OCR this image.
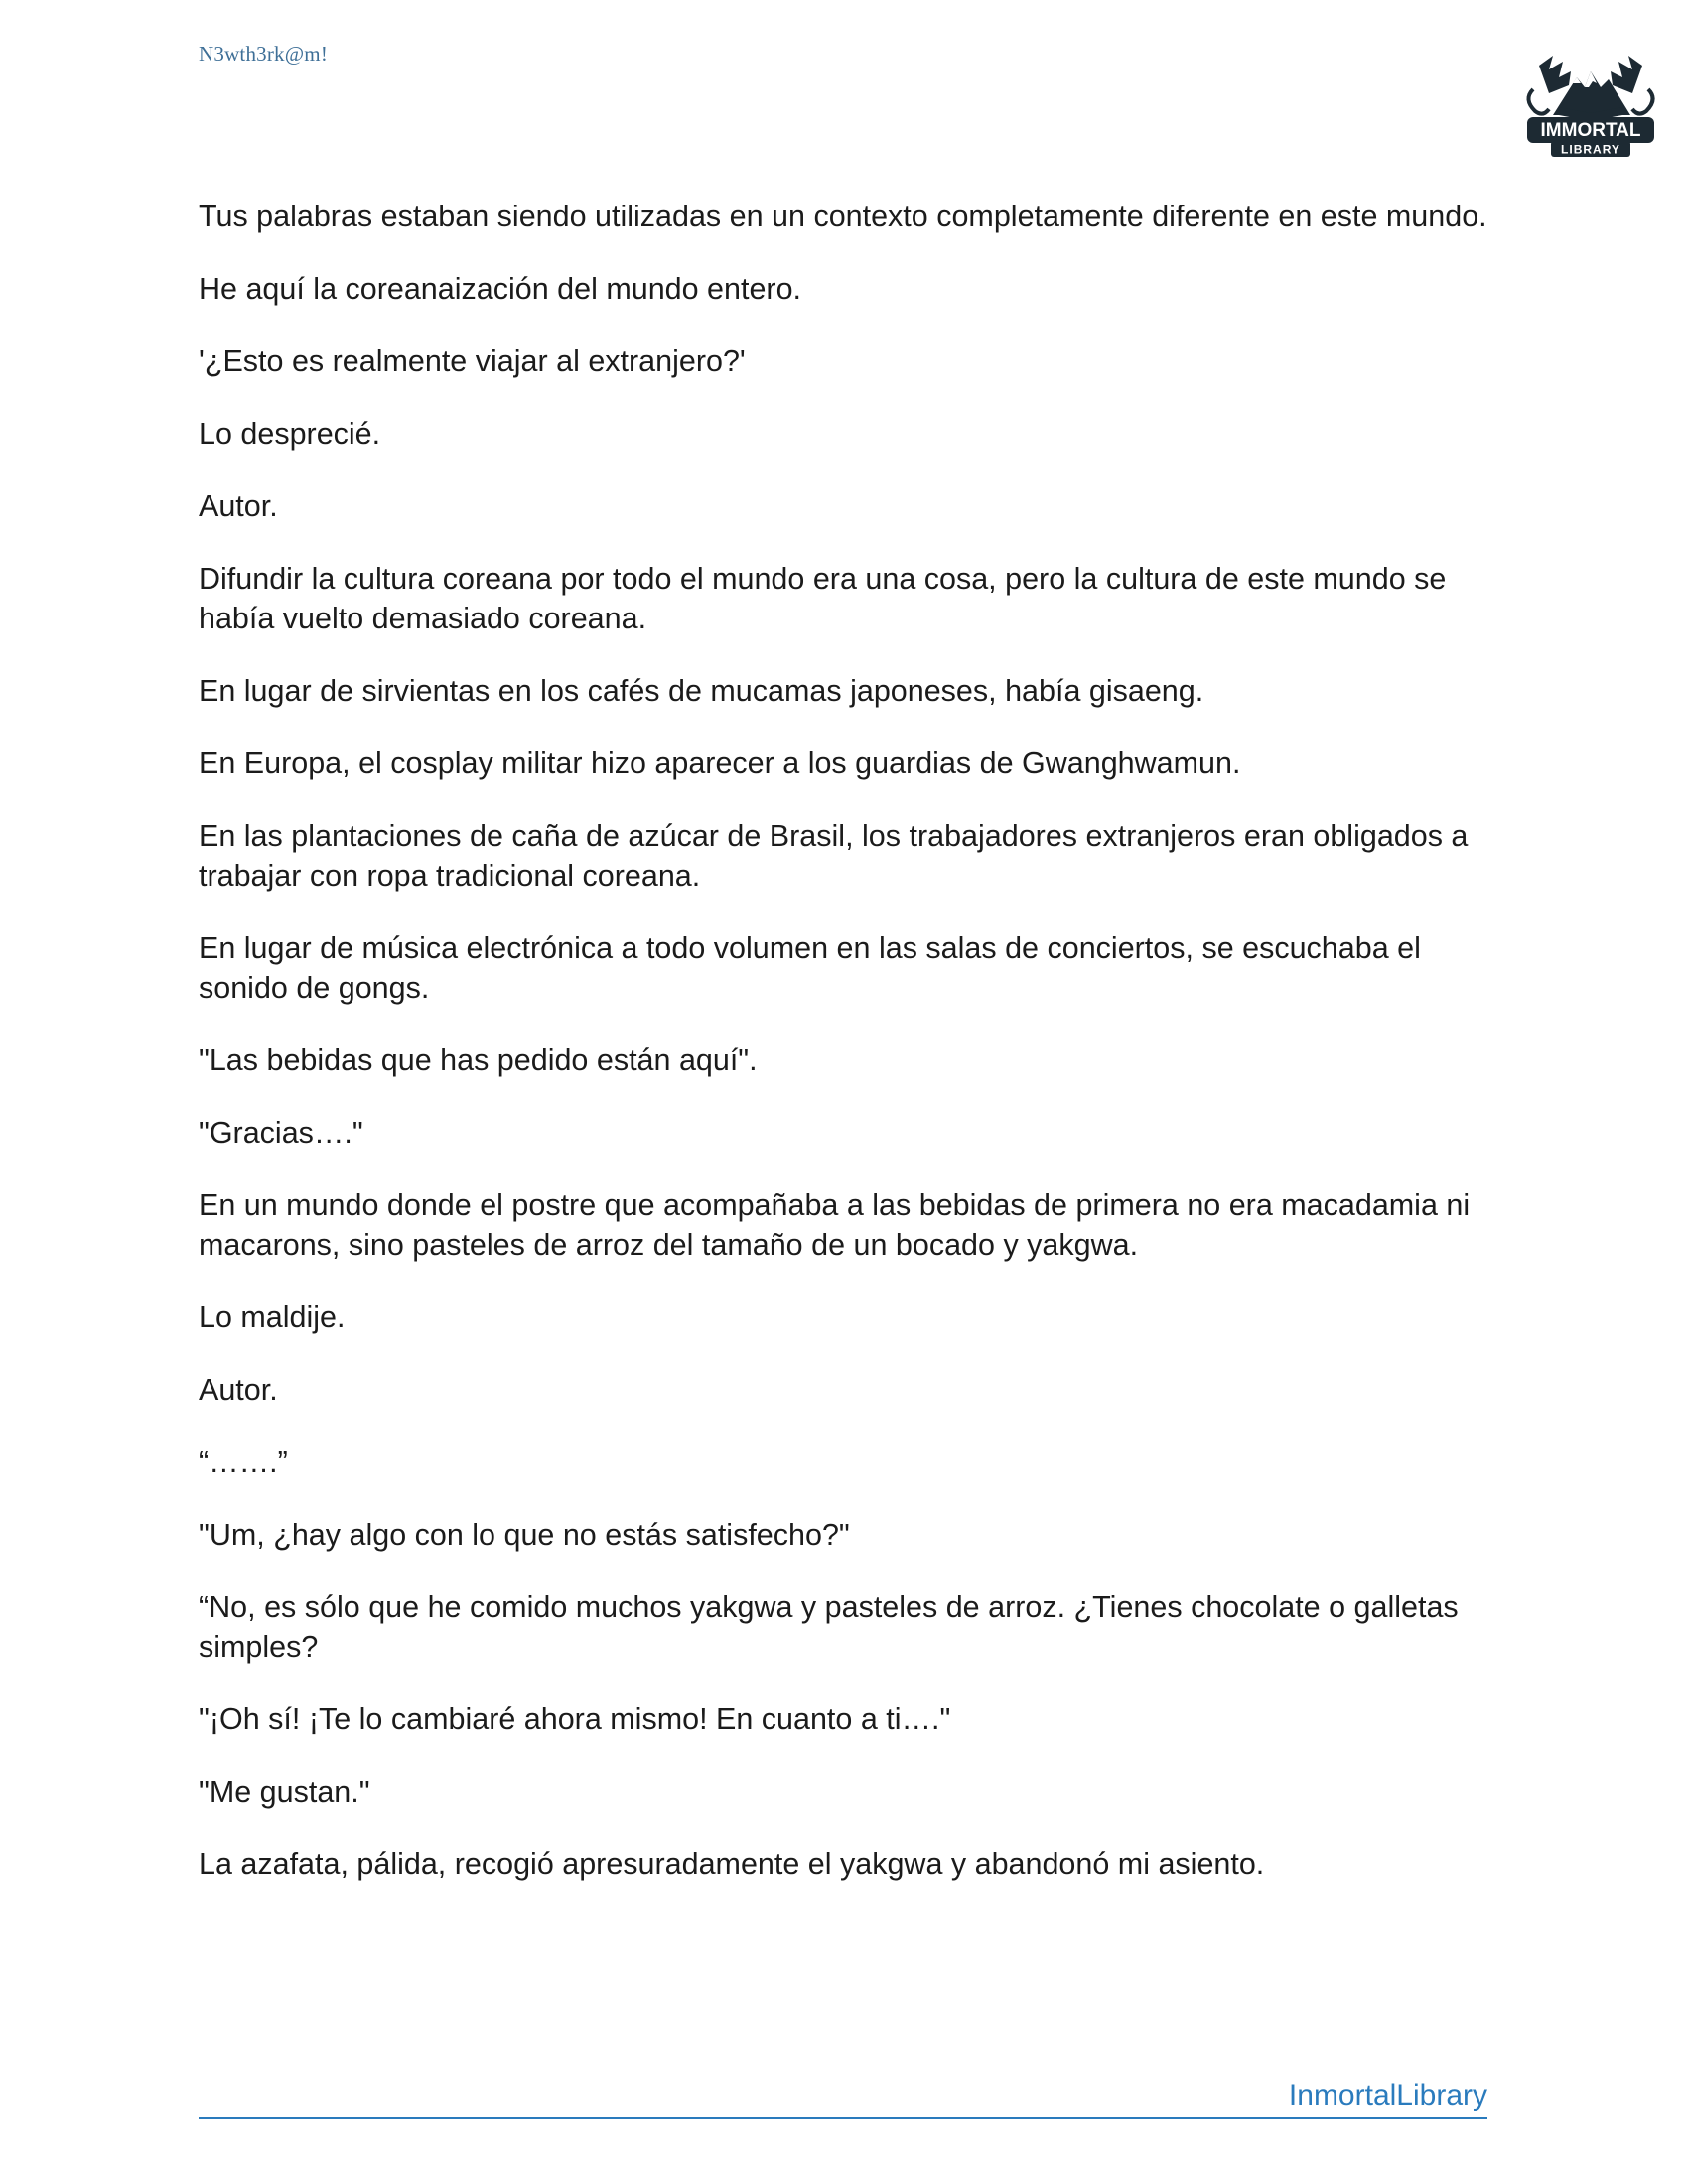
N3wth3rk@m!
IMMORTAL
LIBRARY

Tus palabras estaban siendo utilizadas en un contexto completamente diferente en este mundo.

He aquí la coreanaización del mundo entero.

'¿Esto es realmente viajar al extranjero?'

Lo desprecié.

Autor.

Difundir la cultura coreana por todo el mundo era una cosa, pero la cultura de este mundo se había vuelto demasiado coreana.

En lugar de sirvientas en los cafés de mucamas japoneses, había gisaeng.

En Europa, el cosplay militar hizo aparecer a los guardias de Gwanghwamun.

En las plantaciones de caña de azúcar de Brasil, los trabajadores extranjeros eran obligados a trabajar con ropa tradicional coreana.

En lugar de música electrónica a todo volumen en las salas de conciertos, se escuchaba el sonido de gongs.

"Las bebidas que has pedido están aquí".

"Gracias…."

En un mundo donde el postre que acompañaba a las bebidas de primera no era macadamia ni macarons, sino pasteles de arroz del tamaño de un bocado y yakgwa.

Lo maldije.

Autor.

“…….”

"Um, ¿hay algo con lo que no estás satisfecho?"

“No, es sólo que he comido muchos yakgwa y pasteles de arroz. ¿Tienes chocolate o galletas simples?

"¡Oh sí! ¡Te lo cambiaré ahora mismo! En cuanto a ti…."

"Me gustan."

La azafata, pálida, recogió apresuradamente el yakgwa y abandonó mi asiento.

InmortalLibrary
